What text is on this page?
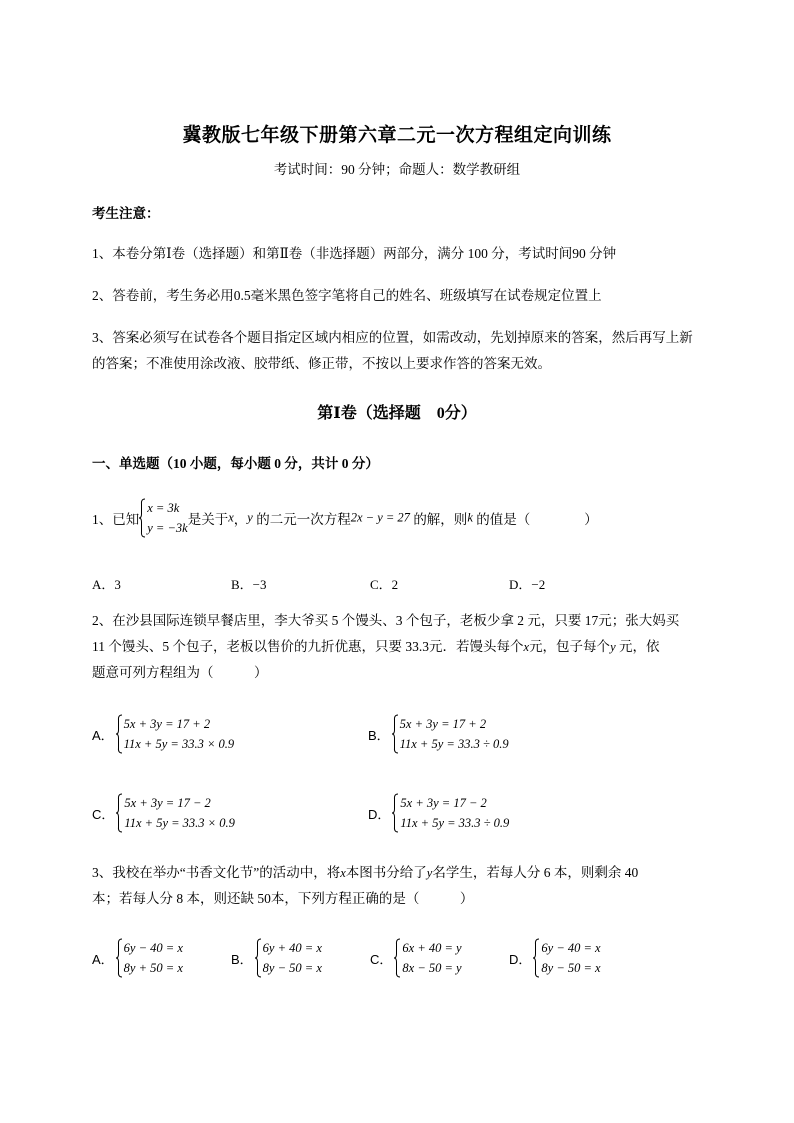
冀教版七年级下册第六章二元一次方程组定向训练
考试时间：90 分钟；命题人：数学教研组
考生注意：
1、本卷分第Ⅰ卷（选择题）和第Ⅱ卷（非选择题）两部分，满分 100 分，考试时间90 分钟
2、答卷前，考生务必用0.5毫米黑色签字笔将自己的姓名、班级填写在试卷规定位置上
3、答案必须写在试卷各个题目指定区域内相应的位置，如需改动，先划掉原来的答案，然后再写上新
的答案；不准使用涂改液、胶带纸、修正带，不按以上要求作答的答案无效。
第Ⅰ卷（选择题　0分）
一、单选题（10 小题，每小题 0 分，共计 0 分）
1、已知
x = 3k
y = −3k
是关于x，y 的二元一次方程2x − y = 27 的解，则k 的值是（　　　　）
A．3	B．−3	C．2	D．−2
2、在沙县国际连锁早餐店里，李大爷买 5 个馒头、3 个包子，老板少拿 2 元，只要 17元；张大妈买
11 个馒头、5 个包子，老板以售价的九折优惠，只要 33.3元．若馒头每个x元，包子每个y 元，依
题意可列方程组为（　　　）
A．
5x + 3y = 17 + 2
11x + 5y = 33.3 × 0.9
B．
5x + 3y = 17 + 2
11x + 5y = 33.3 ÷ 0.9
C．
5x + 3y = 17 − 2
11x + 5y = 33.3 × 0.9
D．
5x + 3y = 17 − 2
11x + 5y = 33.3 ÷ 0.9
3、我校在举办“书香文化节”的活动中，将x本图书分给了y名学生，若每人分 6 本，则剩余 40
本；若每人分 8 本，则还缺 50本，下列方程正确的是（　　　）
A．
6y − 40 = x
8y + 50 = x
B．
6y + 40 = x
8y − 50 = x
C．
6x + 40 = y
8x − 50 = y
D．
6y − 40 = x
8y − 50 = x
